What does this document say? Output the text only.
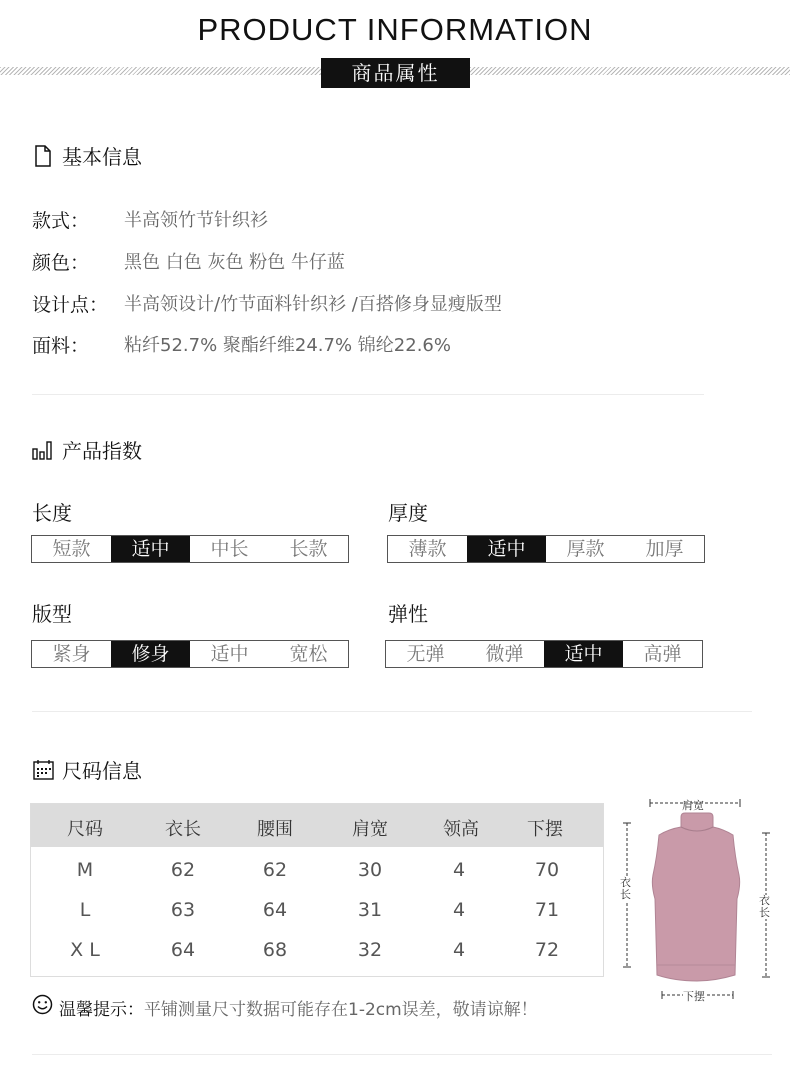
PRODUCT INFORMATION
商品属性
基本信息
款式：	半高领竹节针织衫
颜色：	黑色 白色 灰色 粉色 牛仔蓝
设计点： 半高领设计/竹节面料针织衫 /百搭修身显瘦版型
面料：	粘纤52.7% 聚酯纤维24.7% 锦纶22.6%
产品指数
长度
短款	适中	中长	长款
厚度
薄款	适中	厚款	加厚
版型
紧身	修身	适中	宽松
弹性
无弹	微弹	适中	高弹
尺码信息
尺码	衣长	腰围	肩宽	领高	下摆
M	62	62	30	4	70
L	63	64	31	4	71
X L	64	68	32	4	72
肩宽
衣长	衣长
下摆
温馨提示： 平铺测量尺寸数据可能存在1-2cm误差，敬请谅解！
